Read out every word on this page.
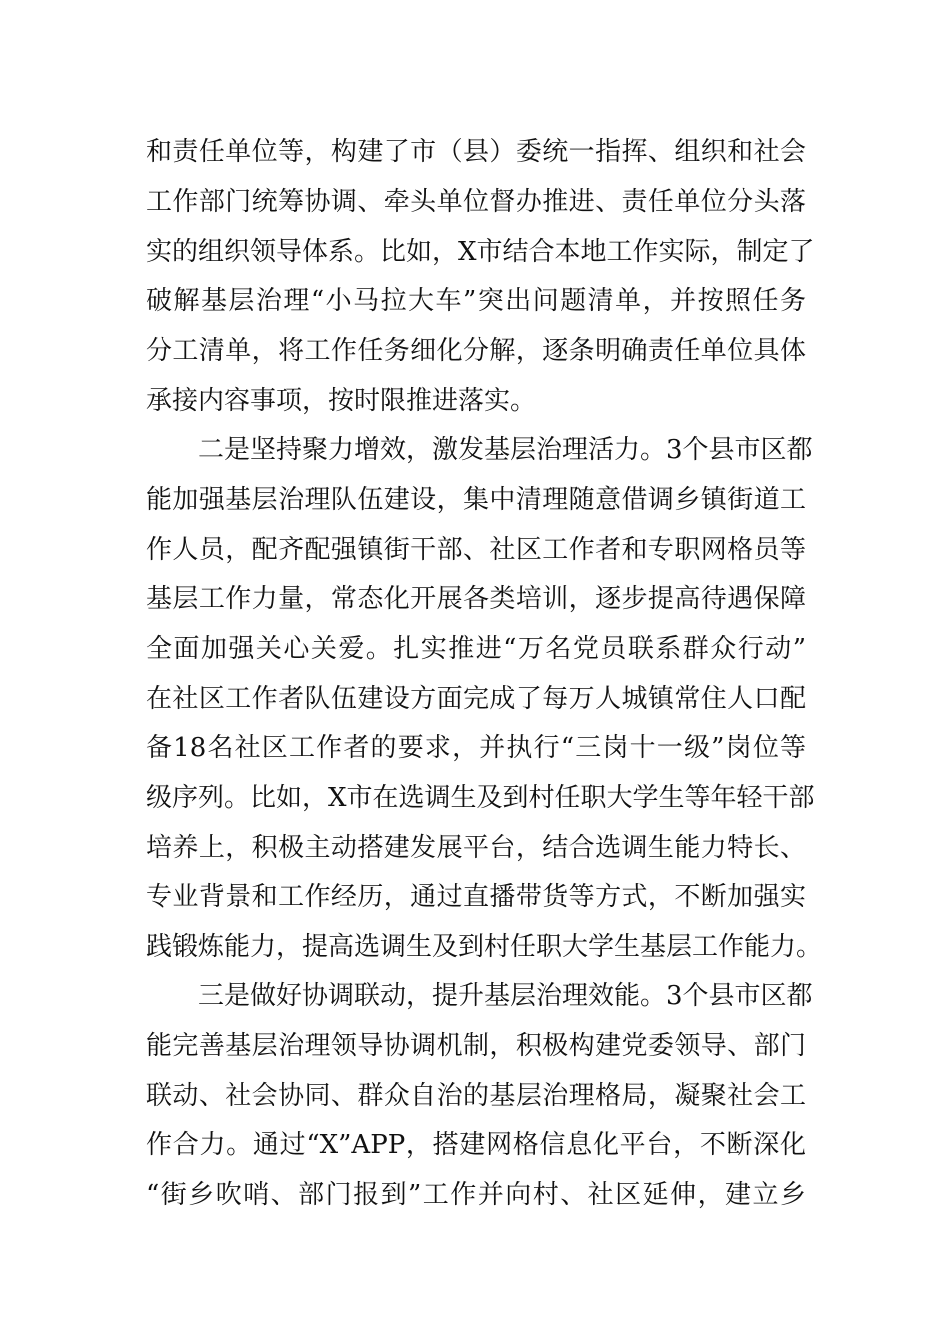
和责任单位等，构建了市（县）委统一指挥、组织和社会
工作部门统筹协调、牵头单位督办推进、责任单位分头落
实的组织领导体系。比如，X市结合本地工作实际，制定了
破解基层治理“小马拉大车”突出问题清单，并按照任务
分工清单，将工作任务细化分解，逐条明确责任单位具体
承接内容事项，按时限推进落实。
二是坚持聚力增效，激发基层治理活力。3个县市区都
能加强基层治理队伍建设，集中清理随意借调乡镇街道工
作人员，配齐配强镇街干部、社区工作者和专职网格员等
基层工作力量，常态化开展各类培训，逐步提高待遇保障
全面加强关心关爱。扎实推进“万名党员联系群众行动”
在社区工作者队伍建设方面完成了每万人城镇常住人口配
备18名社区工作者的要求，并执行“三岗十一级”岗位等
级序列。比如，X市在选调生及到村任职大学生等年轻干部
培养上，积极主动搭建发展平台，结合选调生能力特长、
专业背景和工作经历，通过直播带货等方式，不断加强实
践锻炼能力，提高选调生及到村任职大学生基层工作能力。
三是做好协调联动，提升基层治理效能。3个县市区都
能完善基层治理领导协调机制，积极构建党委领导、部门
联动、社会协同、群众自治的基层治理格局，凝聚社会工
作合力。通过“X”APP，搭建网格信息化平台，不断深化
“街乡吹哨、部门报到”工作并向村、社区延伸，建立乡
